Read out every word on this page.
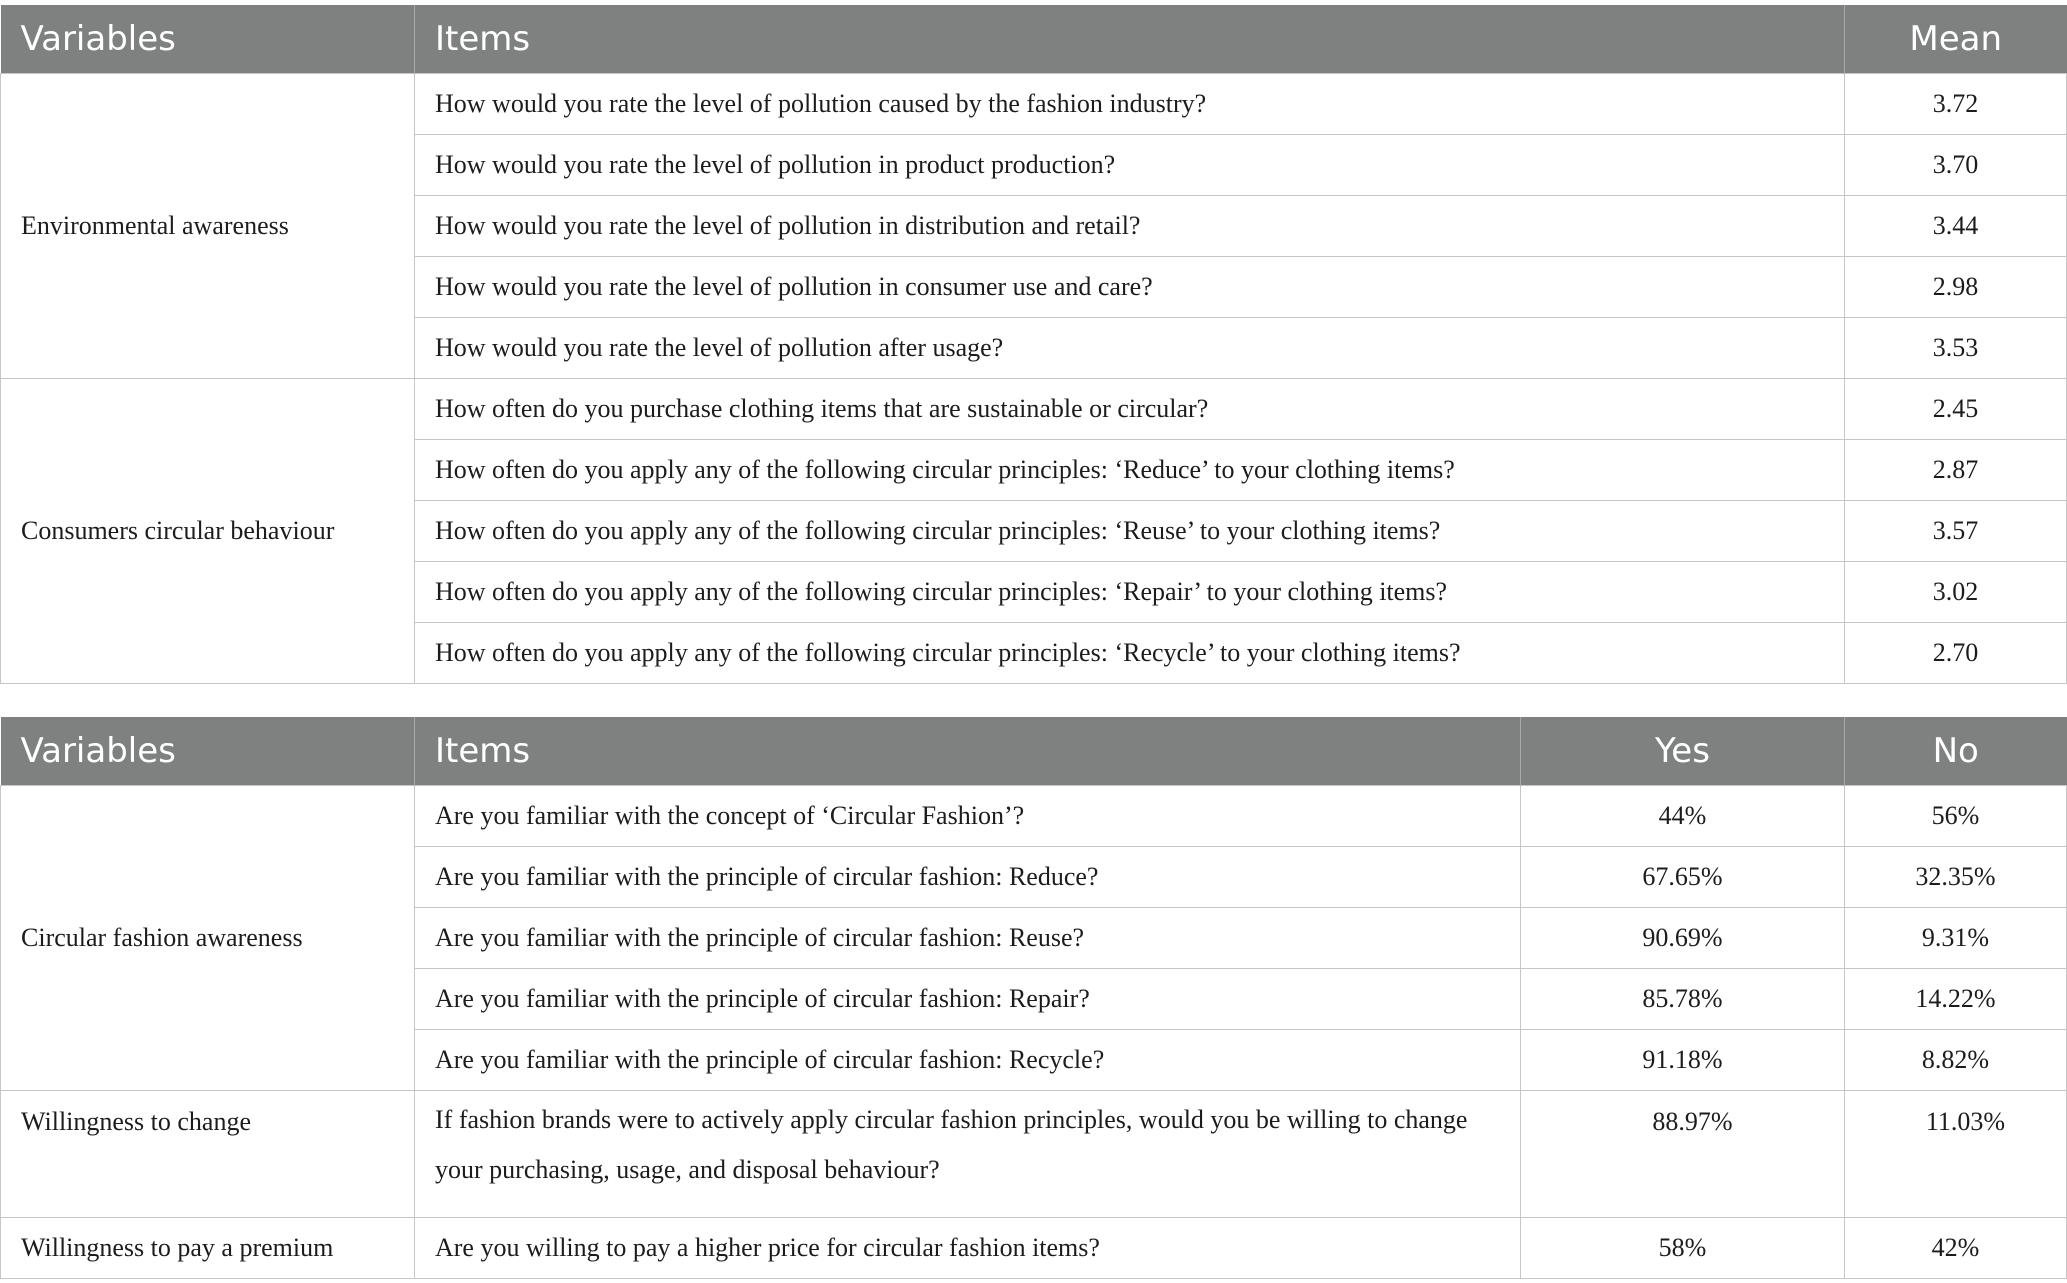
Variables	Items	Mean
Environmental awareness	How would you rate the level of pollution caused by the fashion industry?	3.72
	How would you rate the level of pollution in product production?	3.70
	How would you rate the level of pollution in distribution and retail?	3.44
	How would you rate the level of pollution in consumer use and care?	2.98
	How would you rate the level of pollution after usage?	3.53
Consumers circular behaviour	How often do you purchase clothing items that are sustainable or circular?	2.45
	How often do you apply any of the following circular principles: ‘Reduce’ to your clothing items?	2.87
	How often do you apply any of the following circular principles: ‘Reuse’ to your clothing items?	3.57
	How often do you apply any of the following circular principles: ‘Repair’ to your clothing items?	3.02
	How often do you apply any of the following circular principles: ‘Recycle’ to your clothing items?	2.70
Variables	Items	Yes	No
Circular fashion awareness	Are you familiar with the concept of ‘Circular Fashion’?	44%	56%
	Are you familiar with the principle of circular fashion: Reduce?	67.65%	32.35%
	Are you familiar with the principle of circular fashion: Reuse?	90.69%	9.31%
	Are you familiar with the principle of circular fashion: Repair?	85.78%	14.22%
	Are you familiar with the principle of circular fashion: Recycle?	91.18%	8.82%
Willingness to change	If fashion brands were to actively apply circular fashion principles, would you be willing to change your purchasing, usage, and disposal behaviour?	88.97%	11.03%
Willingness to pay a premium	Are you willing to pay a higher price for circular fashion items?	58%	42%
